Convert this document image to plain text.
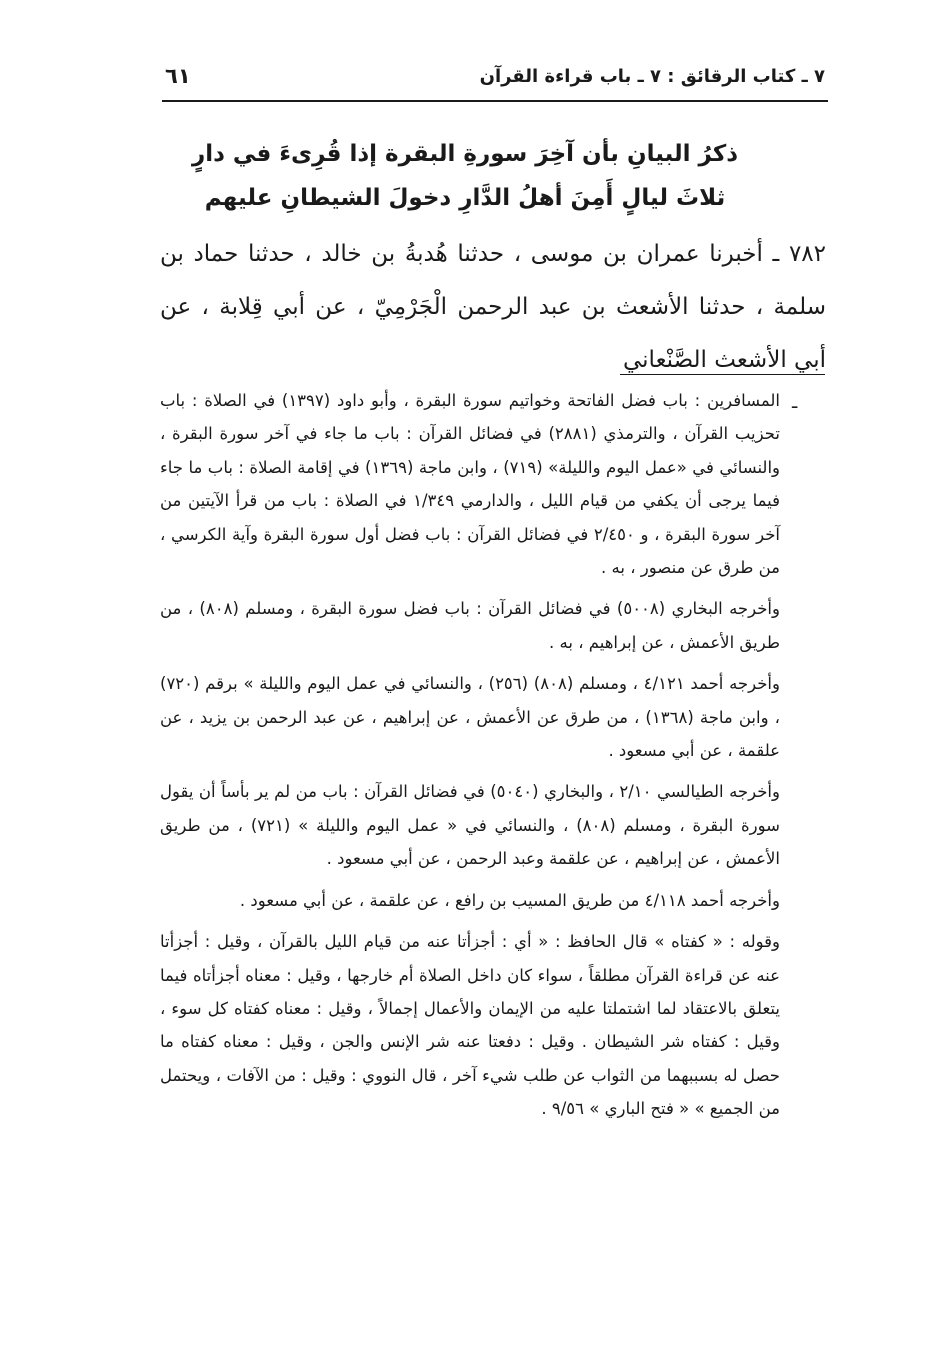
٧ ـ كتاب الرقائق : ٧ ـ باب قراءة القرآن
٦١
ذكرُ البيانِ بأن آخِرَ سورةِ البقرة إذا قُرِىءَ في دارٍ
ثلاثَ ليالٍ أَمِنَ أهلُ الدَّارِ دخولَ الشيطانِ عليهم
٧٨٢ ـ أخبرنا عمران بن موسى ، حدثنا هُدبةُ بن خالد ، حدثنا حماد بن سلمة ، حدثنا الأشعث بن عبد الرحمن الْجَرْمِيّ ، عن أبي قِلابة ، عن أبي الأشعث الصَّنْعاني
ـ

المسافرين : باب فضل الفاتحة وخواتيم سورة البقرة ، وأبو داود (١٣٩٧) في الصلاة : باب تحزيب القرآن ، والترمذي (٢٨٨١) في فضائل القرآن : باب ما جاء في آخر سورة البقرة ، والنسائي في «عمل اليوم والليلة» (٧١٩) ، وابن ماجة (١٣٦٩) في إقامة الصلاة : باب ما جاء فيما يرجى أن يكفي من قيام الليل ، والدارمي ١/٣٤٩ في الصلاة : باب من قرأ الآيتين من آخر سورة البقرة ، و ٢/٤٥٠ في فضائل القرآن : باب فضل أول سورة البقرة وآية الكرسي ، من طرق عن منصور ، به .

وأخرجه البخاري (٥٠٠٨) في فضائل القرآن : باب فضل سورة البقرة ، ومسلم (٨٠٨) ، من طريق الأعمش ، عن إبراهيم ، به .

وأخرجه أحمد ٤/١٢١ ، ومسلم (٨٠٨) (٢٥٦) ، والنسائي في عمل اليوم والليلة » برقم (٧٢٠) ، وابن ماجة (١٣٦٨) ، من طرق عن الأعمش ، عن إبراهيم ، عن عبد الرحمن بن يزيد ، عن علقمة ، عن أبي مسعود .

وأخرجه الطيالسي ٢/١٠ ، والبخاري (٥٠٤٠) في فضائل القرآن : باب من لم ير بأساً أن يقول سورة البقرة ، ومسلم (٨٠٨) ، والنسائي في « عمل اليوم والليلة » (٧٢١) ، من طريق الأعمش ، عن إبراهيم ، عن علقمة وعبد الرحمن ، عن أبي مسعود .

وأخرجه أحمد ٤/١١٨ من طريق المسيب بن رافع ، عن علقمة ، عن أبي مسعود .

وقوله : « كفتاه » قال الحافظ : « أي : أجزأتا عنه من قيام الليل بالقرآن ، وقيل : أجزأتا عنه عن قراءة القرآن مطلقاً ، سواء كان داخل الصلاة أم خارجها ، وقيل : معناه أجزأتاه فيما يتعلق بالاعتقاد لما اشتملتا عليه من الإيمان والأعمال إجمالاً ، وقيل : معناه كفتاه كل سوء ، وقيل : كفتاه شر الشيطان . وقيل : دفعتا عنه شر الإنس والجن ، وقيل : معناه كفتاه ما حصل له بسببهما من الثواب عن طلب شيء آخر ، قال النووي : وقيل : من الآفات ، ويحتمل من الجميع » « فتح الباري » ٩/٥٦ .
